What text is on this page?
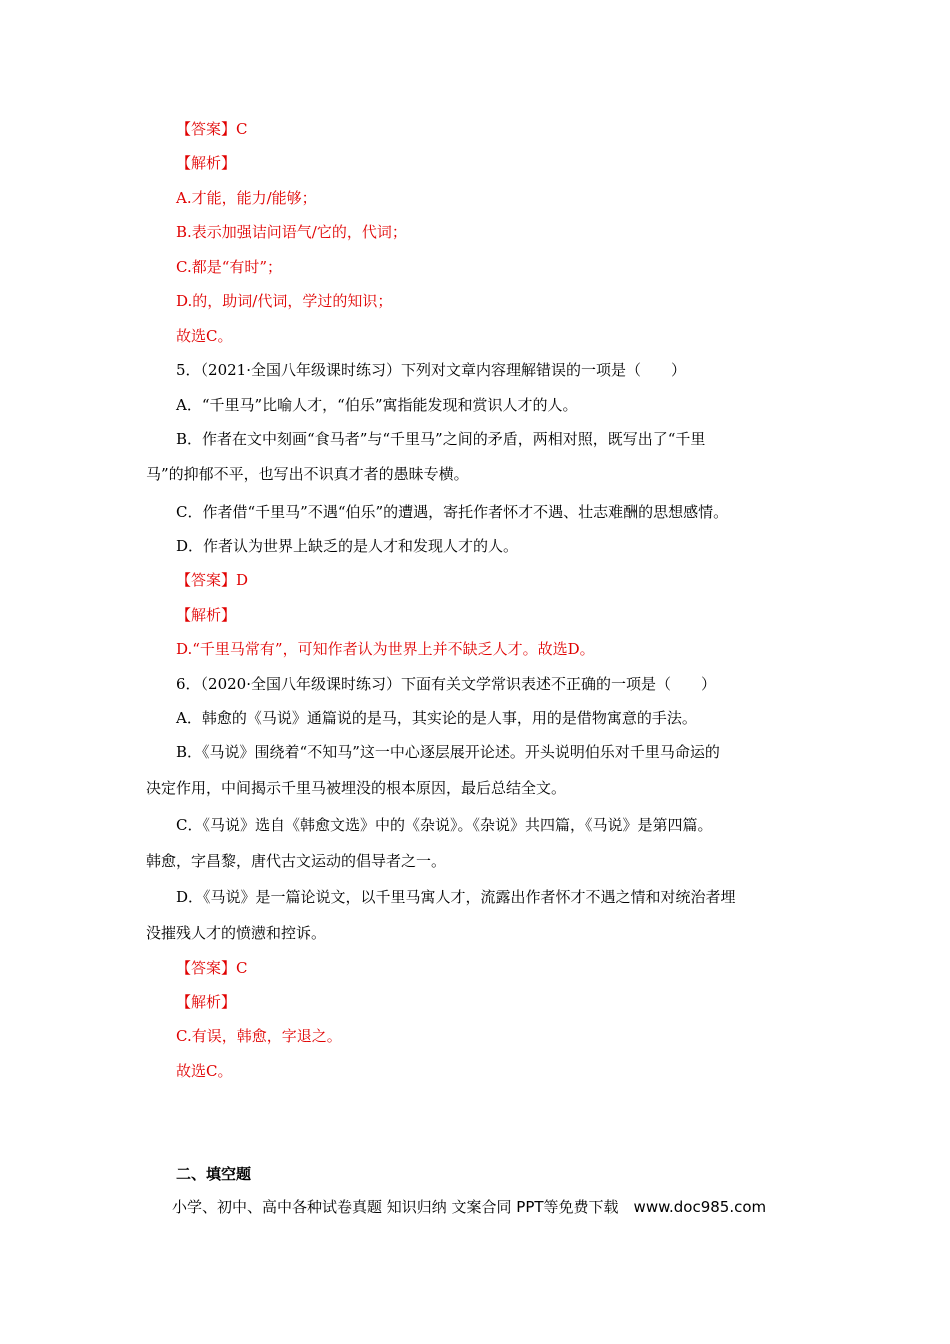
【答案】C
【解析】
A.才能，能力/能够；
B.表示加强诘问语气/它的，代词；
C.都是“有时”；
D.的，助词/代词，学过的知识；
故选C。
5．（2021·全国八年级课时练习）下列对文章内容理解错误的一项是（　　）
A．“千里马”比喻人才，“伯乐”寓指能发现和赏识人才的人。
B．作者在文中刻画“食马者”与“千里马”之间的矛盾，两相对照，既写出了“千里
马”的抑郁不平，也写出不识真才者的愚昧专横。
C．作者借“千里马”不遇“伯乐”的遭遇，寄托作者怀才不遇、壮志难酬的思想感情。
D．作者认为世界上缺乏的是人才和发现人才的人。
【答案】D
【解析】
D.“千里马常有”，可知作者认为世界上并不缺乏人才。故选D。
6．（2020·全国八年级课时练习）下面有关文学常识表述不正确的一项是（　　）
A．韩愈的《马说》通篇说的是马，其实论的是人事，用的是借物寓意的手法。
B．《马说》围绕着“不知马”这一中心逐层展开论述。开头说明伯乐对千里马命运的
决定作用，中间揭示千里马被埋没的根本原因，最后总结全文。
C．《马说》选自《韩愈文选》中的《杂说》。《杂说》共四篇，《马说》是第四篇。
韩愈，字昌黎，唐代古文运动的倡导者之一。
D．《马说》是一篇论说文，以千里马寓人才，流露出作者怀才不遇之情和对统治者埋
没摧残人才的愤懑和控诉。
【答案】C
【解析】
C.有误，韩愈，字退之。
故选C。
二、填空题
小学、初中、高中各种试卷真题 知识归纳 文案合同 PPT等免费下载　www.doc985.com
